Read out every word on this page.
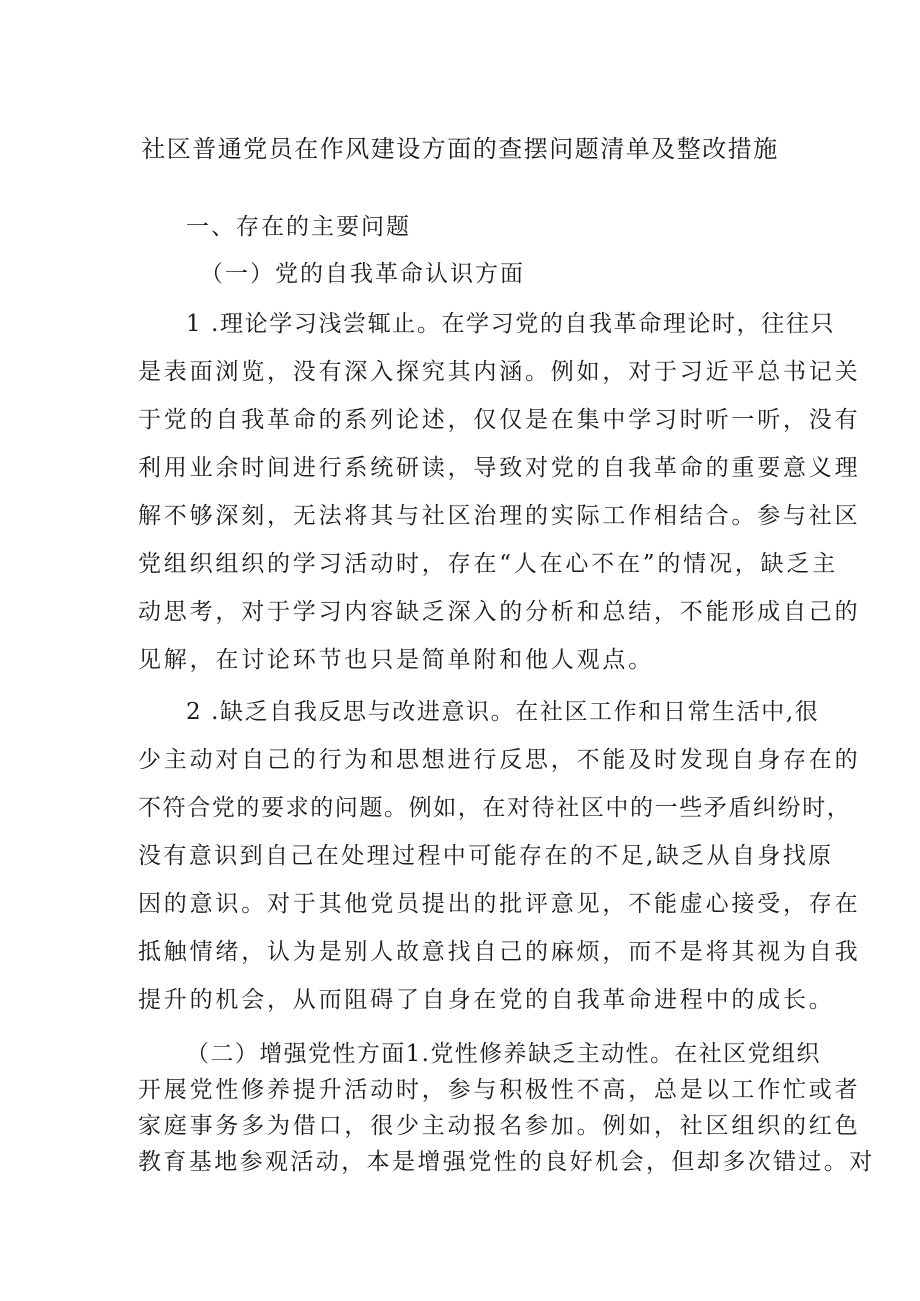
社区普通党员在作风建设方面的查摆问题清单及整改措施
一、存在的主要问题
（一）党的自我革命认识方面
1 .理论学习浅尝辄止。在学习党的自我革命理论时，往往只
是表面浏览，没有深入探究其内涵。例如，对于习近平总书记关
于党的自我革命的系列论述，仅仅是在集中学习时听一听，没有
利用业余时间进行系统研读，导致对党的自我革命的重要意义理
解不够深刻，无法将其与社区治理的实际工作相结合。参与社区
党组织组织的学习活动时，存在“人在心不在”的情况，缺乏主
动思考，对于学习内容缺乏深入的分析和总结，不能形成自己的
见解，在讨论环节也只是简单附和他人观点。
2 .缺乏自我反思与改进意识。在社区工作和日常生活中,很
少主动对自己的行为和思想进行反思，不能及时发现自身存在的
不符合党的要求的问题。例如，在对待社区中的一些矛盾纠纷时，
没有意识到自己在处理过程中可能存在的不足,缺乏从自身找原
因的意识。对于其他党员提出的批评意见，不能虚心接受，存在
抵触情绪，认为是别人故意找自己的麻烦，而不是将其视为自我
提升的机会，从而阻碍了自身在党的自我革命进程中的成长。
（二）增强党性方面1.党性修养缺乏主动性。在社区党组织
开展党性修养提升活动时，参与积极性不高，总是以工作忙或者
家庭事务多为借口，很少主动报名参加。例如，社区组织的红色
教育基地参观活动，本是增强党性的良好机会，但却多次错过。对
